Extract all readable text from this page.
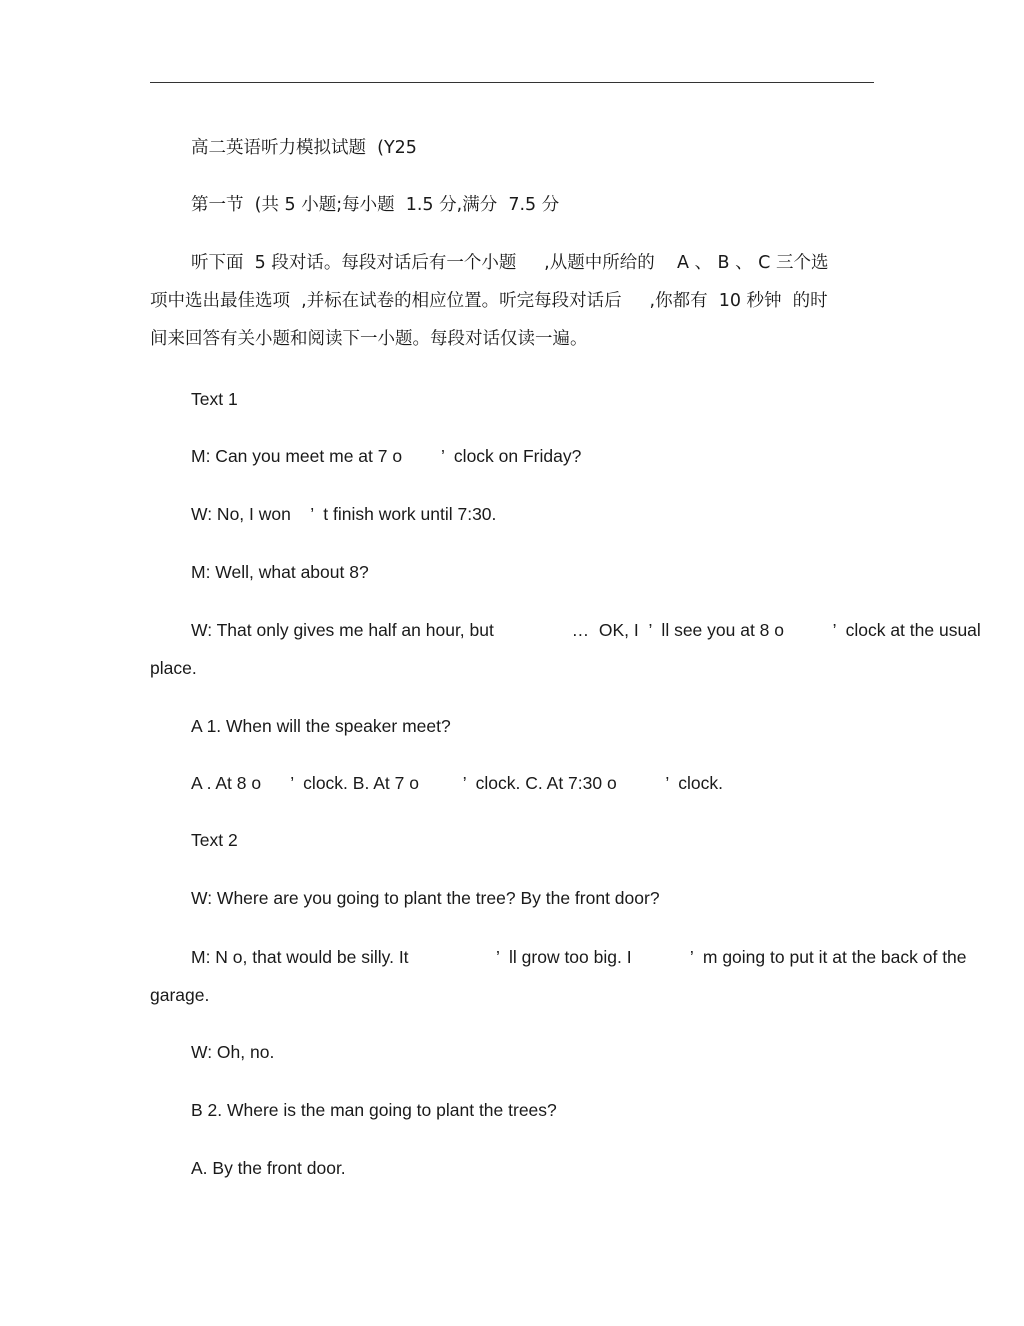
高二英语听力模拟试题  (Y25
第一节  (共 5 小题;每小题  1.5 分,满分  7.5 分
听下面  5 段对话。每段对话后有一个小题     ,从题中所给的    A 、 B 、 C 三个选
项中选出最佳选项  ,并标在试卷的相应位置。听完每段对话后     ,你都有  10 秒钟  的时
间来回答有关小题和阅读下一小题。每段对话仅读一遍。
Text 1
M: Can you meet me at 7 o        ’  clock on Friday?
W: No, I won    ’  t finish work until 7:30.
M: Well, what about 8?
W: That only gives me half an hour, but                …  OK, I  ’  ll see you at 8 o          ’  clock at the usual
place.
A 1. When will the speaker meet?
A . At 8 o      ’  clock. B. At 7 o         ’  clock. C. At 7:30 o          ’  clock.
Text 2
W: Where are you going to plant the tree? By the front door?
M: N o, that would be silly. It                  ’  ll grow too big. I            ’  m going to put it at the back of the
garage.
W: Oh, no.
B 2. Where is the man going to plant the trees?
A. By the front door.
